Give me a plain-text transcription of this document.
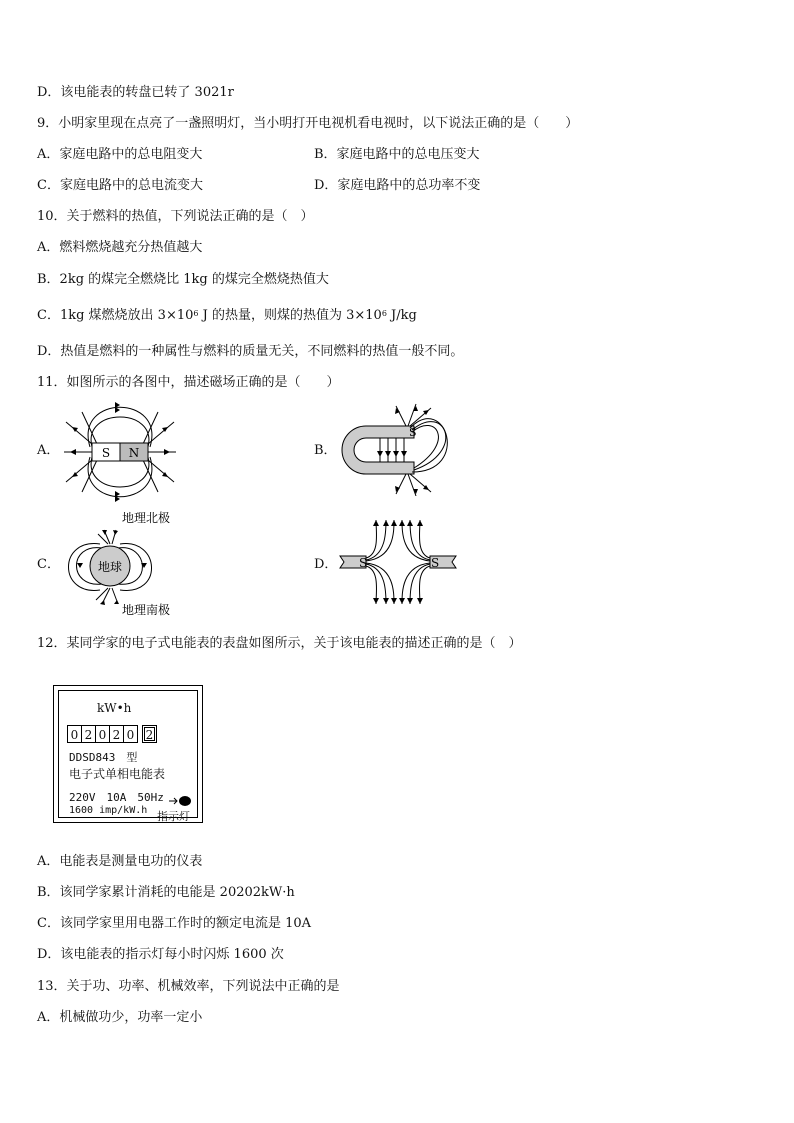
D．该电能表的转盘已转了 3021r
9．小明家里现在点亮了一盏照明灯，当小明打开电视机看电视时，以下说法正确的是（　　）
A．家庭电路中的总电阻变大	B．家庭电路中的总电压变大
C．家庭电路中的总电流变大	D．家庭电路中的总功率不变
10．关于燃料的热值，下列说法正确的是（　）
A．燃料燃烧越充分热值越大
B．2kg 的煤完全燃烧比 1kg 的煤完全燃烧热值大
C．1kg 煤燃烧放出 $3\times 10^6$ J 的热量，则煤的热值为 $3\times 10^6$ J/kg
D．热值是燃料的一种属性与燃料的质量无关，不同燃料的热值一般不同。
11．如图所示的各图中，描述磁场正确的是（　　）
A．	S N	B．
S
C．	地球
地理北极
地理南极
D． S	S
12．某同学家的电子式电能表的表盘如图所示，关于该电能表的描述正确的是（　）
kW•h
0 2 0 2 0 2
DDSD843　型
电子式单相电能表
220V　10A　50Hz
1600 imp/kW.h 指示灯
A．电能表是测量电功的仪表
B．该同学家累计消耗的电能是 20202kW·h
C．该同学家里用电器工作时的额定电流是 10A
D．该电能表的指示灯每小时闪烁 1600 次
13．关于功、功率、机械效率，下列说法中正确的是
A．机械做功少，功率一定小
